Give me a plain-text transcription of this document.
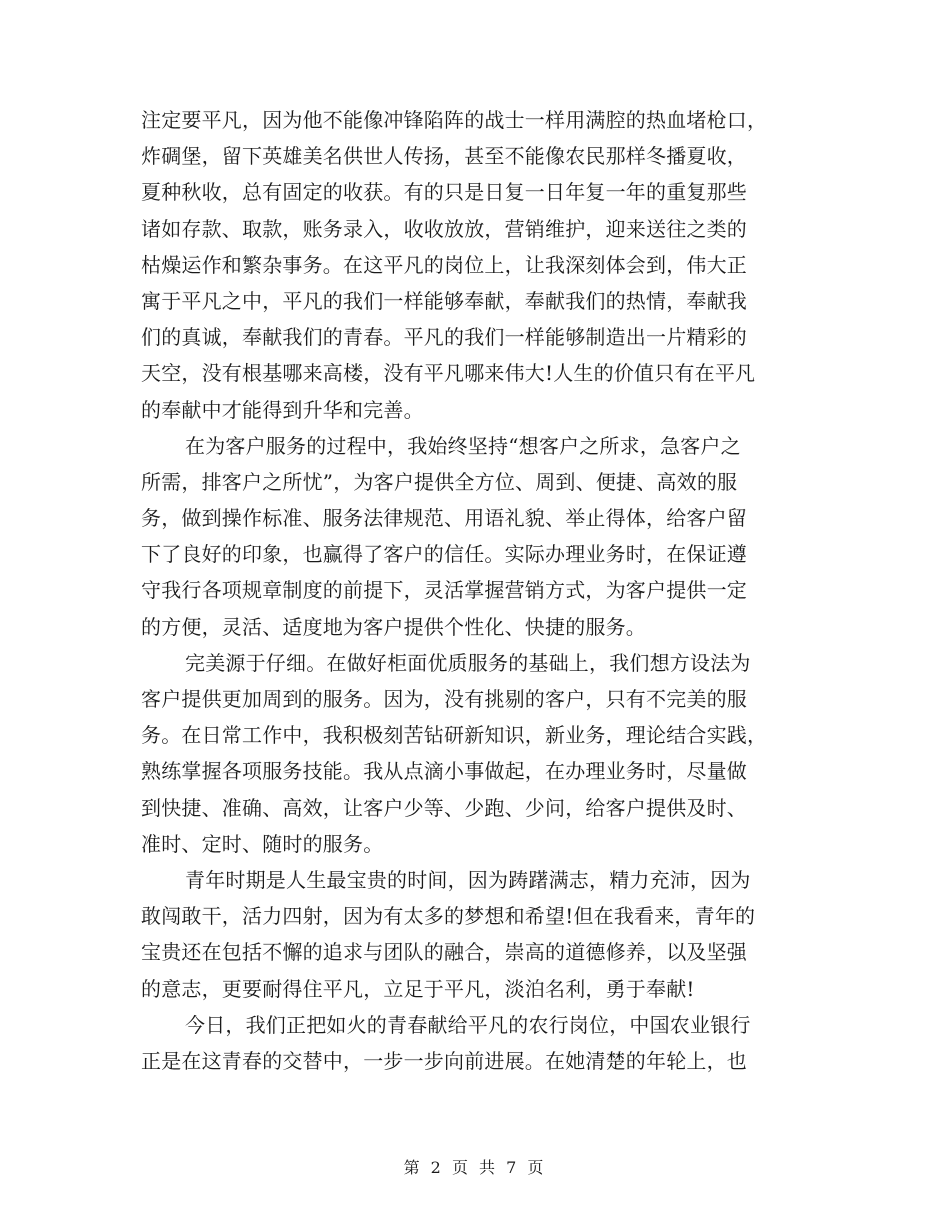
注定要平凡，因为他不能像冲锋陷阵的战士一样用满腔的热血堵枪口，
炸碉堡，留下英雄美名供世人传扬，甚至不能像农民那样冬播夏收，
夏种秋收，总有固定的收获。有的只是日复一日年复一年的重复那些
诸如存款、取款，账务录入，收收放放，营销维护，迎来送往之类的
枯燥运作和繁杂事务。在这平凡的岗位上，让我深刻体会到，伟大正
寓于平凡之中，平凡的我们一样能够奉献，奉献我们的热情，奉献我
们的真诚，奉献我们的青春。平凡的我们一样能够制造出一片精彩的
天空，没有根基哪来高楼，没有平凡哪来伟大!人生的价值只有在平凡
的奉献中才能得到升华和完善。
在为客户服务的过程中，我始终坚持“想客户之所求，急客户之
所需，排客户之所忧”，为客户提供全方位、周到、便捷、高效的服
务，做到操作标准、服务法律规范、用语礼貌、举止得体，给客户留
下了良好的印象，也赢得了客户的信任。实际办理业务时，在保证遵
守我行各项规章制度的前提下，灵活掌握营销方式，为客户提供一定
的方便，灵活、适度地为客户提供个性化、快捷的服务。
完美源于仔细。在做好柜面优质服务的基础上，我们想方设法为
客户提供更加周到的服务。因为，没有挑剔的客户，只有不完美的服
务。在日常工作中，我积极刻苦钻研新知识，新业务，理论结合实践，
熟练掌握各项服务技能。我从点滴小事做起，在办理业务时，尽量做
到快捷、准确、高效，让客户少等、少跑、少问，给客户提供及时、
准时、定时、随时的服务。
青年时期是人生最宝贵的时间，因为踌躇满志，精力充沛，因为
敢闯敢干，活力四射，因为有太多的梦想和希望!但在我看来，青年的
宝贵还在包括不懈的追求与团队的融合，崇高的道德修养，以及坚强
的意志，更要耐得住平凡，立足于平凡，淡泊名利，勇于奉献!
今日，我们正把如火的青春献给平凡的农行岗位，中国农业银行
正是在这青春的交替中，一步一步向前进展。在她清楚的年轮上，也
第 2 页 共 7 页
